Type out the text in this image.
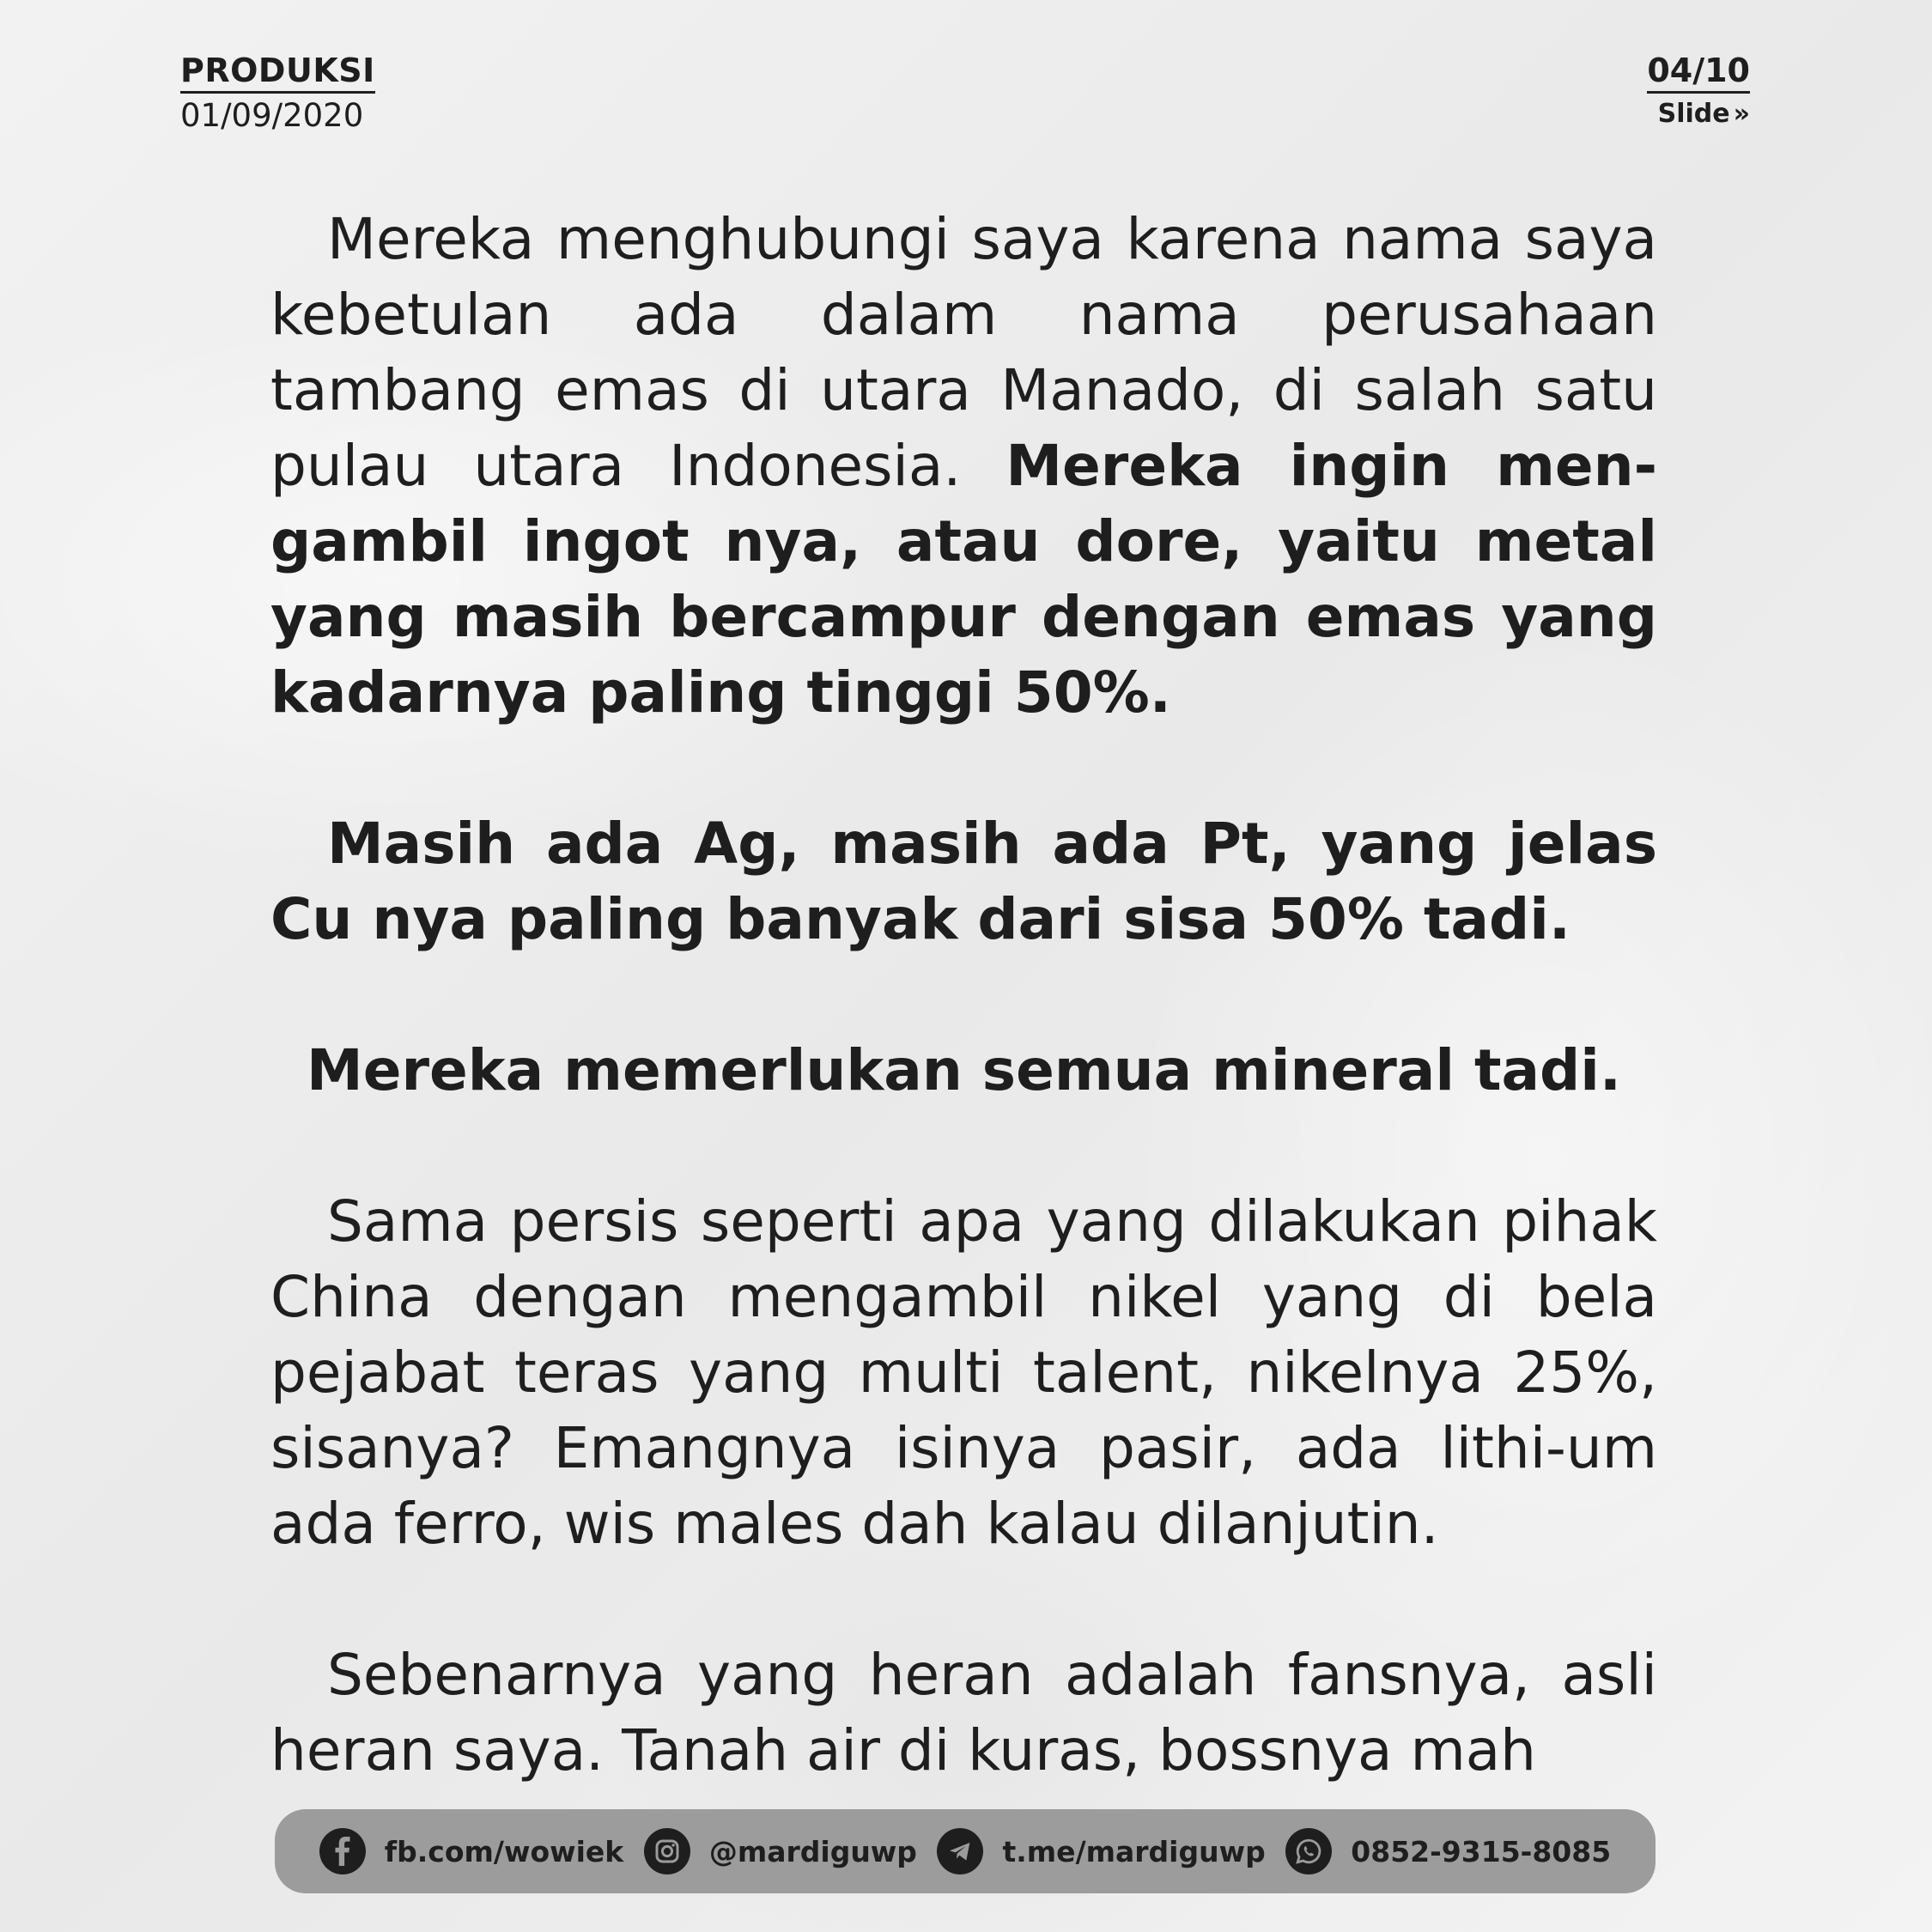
PRODUKSI
01/09/2020
04/10
Slide »

Mereka menghubungi saya karena nama saya kebetulan ada dalam nama perusahaan tambang emas di utara Manado, di salah satu pulau utara Indonesia. Mereka ingin men-gambil ingot nya, atau dore, yaitu metal yang masih bercampur dengan emas yang kadarnya paling tinggi 50%.

Masih ada Ag, masih ada Pt, yang jelas Cu nya paling banyak dari sisa 50% tadi.

Mereka memerlukan semua mineral tadi.

Sama persis seperti apa yang dilakukan pihak China dengan mengambil nikel yang di bela pejabat teras yang multi talent, nikelnya 25%, sisanya? Emangnya isinya pasir, ada lithi-um ada ferro, wis males dah kalau dilanjutin.

Sebenarnya yang heran adalah fansnya, asli heran saya. Tanah air di kuras, bossnya mah

fb.com/wowiek	@mardiguwp	t.me/mardiguwp	0852-9315-8085
